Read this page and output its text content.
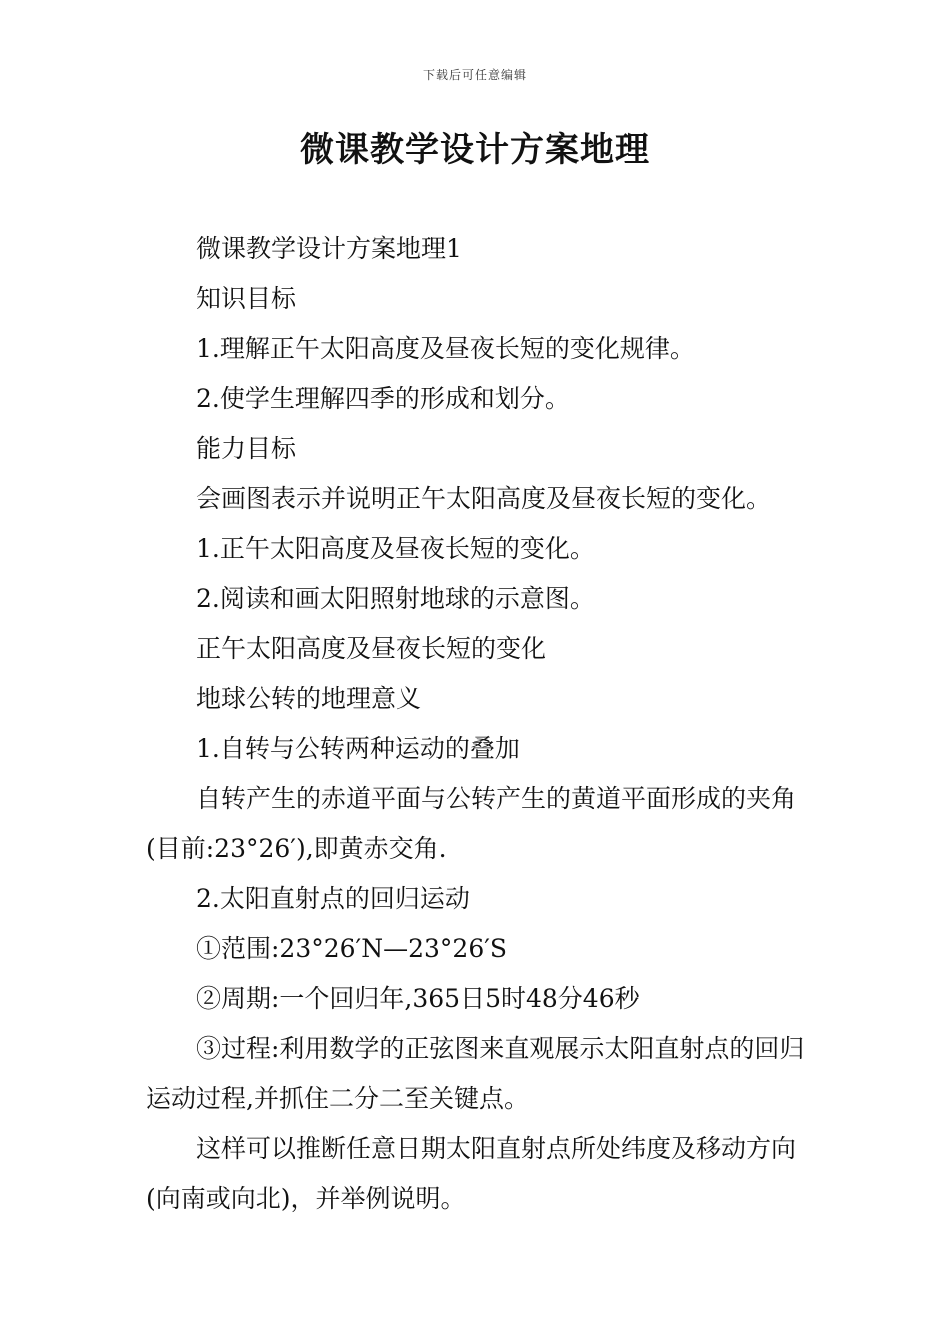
下载后可任意编辑
微课教学设计方案地理

微课教学设计方案地理1

知识目标

1.理解正午太阳高度及昼夜长短的变化规律。

2.使学生理解四季的形成和划分。

能力目标

会画图表示并说明正午太阳高度及昼夜长短的变化。

1.正午太阳高度及昼夜长短的变化。

2.阅读和画太阳照射地球的示意图。

正午太阳高度及昼夜长短的变化

地球公转的地理意义

1.自转与公转两种运动的叠加

自转产生的赤道平面与公转产生的黄道平面形成的夹角(目前:23°26′),即黄赤交角.

2.太阳直射点的回归运动

①范围:23°26′N—23°26′S

②周期:一个回归年,365日5时48分46秒

③过程:利用数学的正弦图来直观展示太阳直射点的回归运动过程,并抓住二分二至关键点。

这样可以推断任意日期太阳直射点所处纬度及移动方向(向南或向北)，并举例说明。
